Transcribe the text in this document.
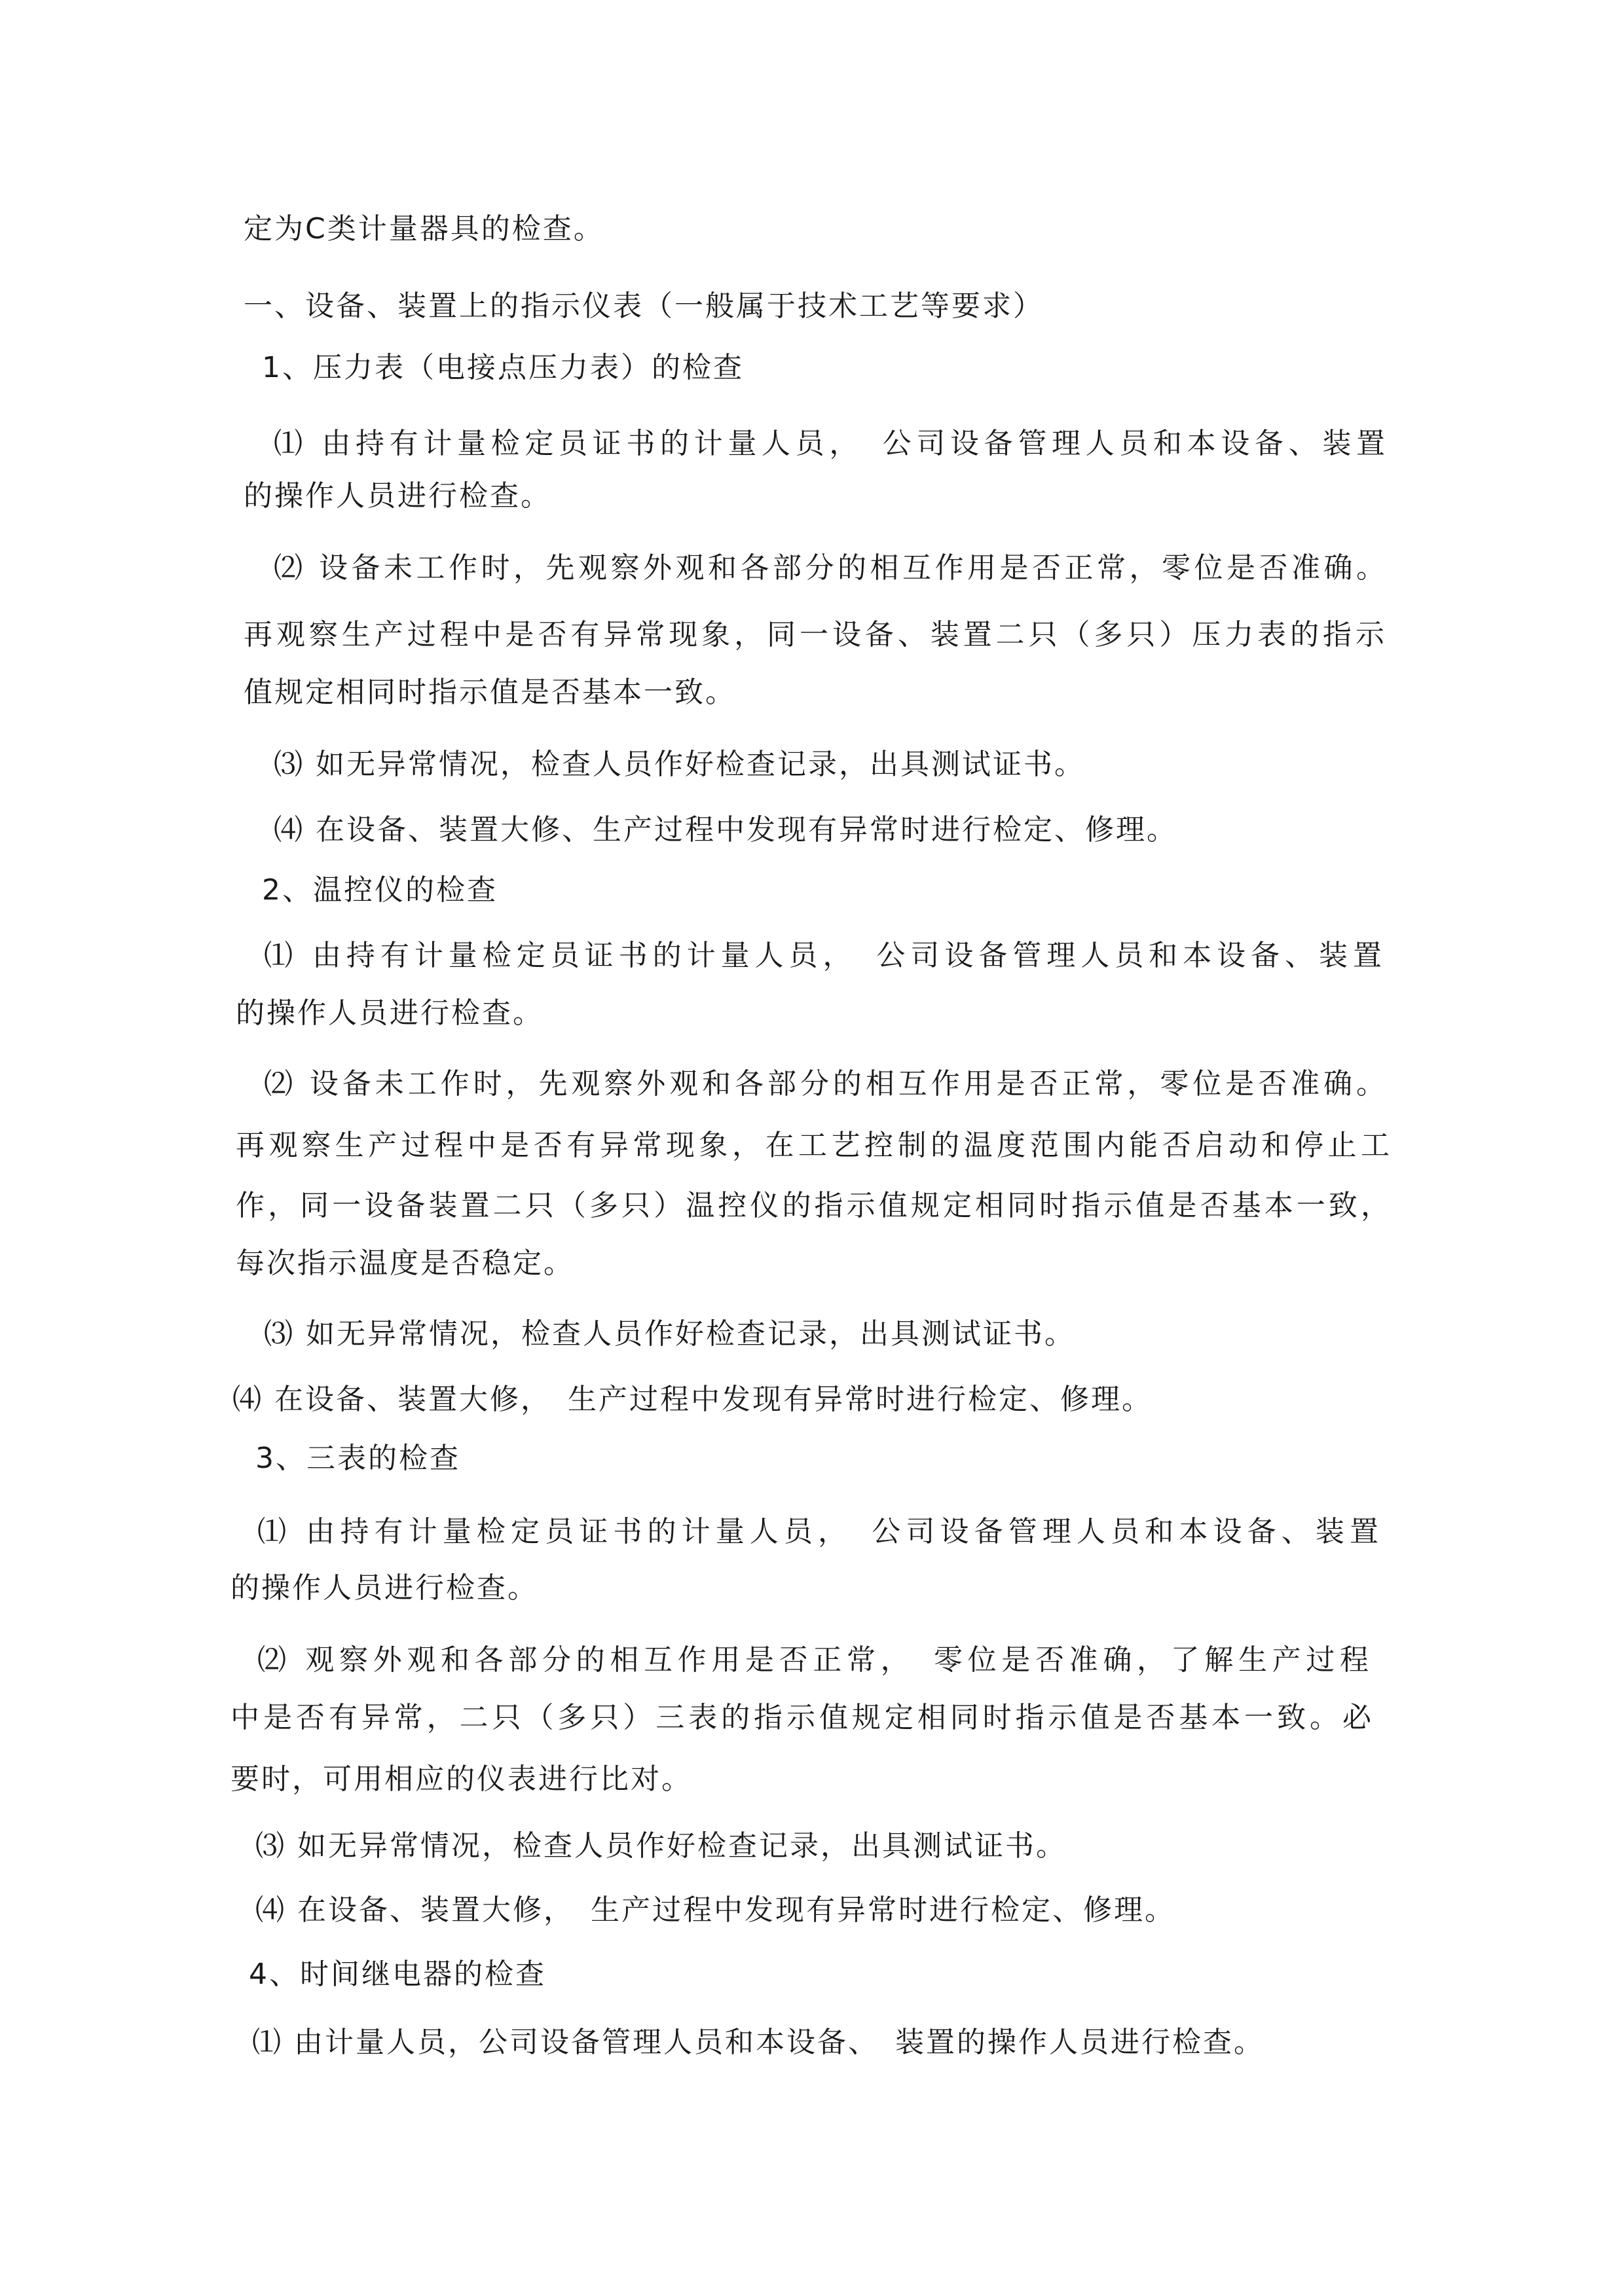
定为C类计量器具的检查。
一、设备、装置上的指示仪表（一般属于技术工艺等要求）
1、压力表（电接点压力表）的检查
⑴ 由持有计量检定员证书的计量人员，　公司设备管理人员和本设备、装置
的操作人员进行检查。
⑵ 设备未工作时，先观察外观和各部分的相互作用是否正常，零位是否准确。
再观察生产过程中是否有异常现象，同一设备、装置二只（多只）压力表的指示
值规定相同时指示值是否基本一致。
⑶ 如无异常情况，检查人员作好检查记录，出具测试证书。
⑷ 在设备、装置大修、生产过程中发现有异常时进行检定、修理。
2、温控仪的检查
⑴ 由持有计量检定员证书的计量人员，　公司设备管理人员和本设备、装置
的操作人员进行检查。
⑵ 设备未工作时，先观察外观和各部分的相互作用是否正常，零位是否准确。
再观察生产过程中是否有异常现象，在工艺控制的温度范围内能否启动和停止工
作，同一设备装置二只（多只）温控仪的指示值规定相同时指示值是否基本一致，
每次指示温度是否稳定。
⑶ 如无异常情况，检查人员作好检查记录，出具测试证书。
⑷ 在设备、装置大修，　生产过程中发现有异常时进行检定、修理。
3、三表的检查
⑴ 由持有计量检定员证书的计量人员，　公司设备管理人员和本设备、装置
的操作人员进行检查。
⑵ 观察外观和各部分的相互作用是否正常，　零位是否准确，了解生产过程
中是否有异常，二只（多只）三表的指示值规定相同时指示值是否基本一致。必
要时，可用相应的仪表进行比对。
⑶ 如无异常情况，检查人员作好检查记录，出具测试证书。
⑷ 在设备、装置大修，　生产过程中发现有异常时进行检定、修理。
4、时间继电器的检查
⑴ 由计量人员，公司设备管理人员和本设备、　装置的操作人员进行检查。
